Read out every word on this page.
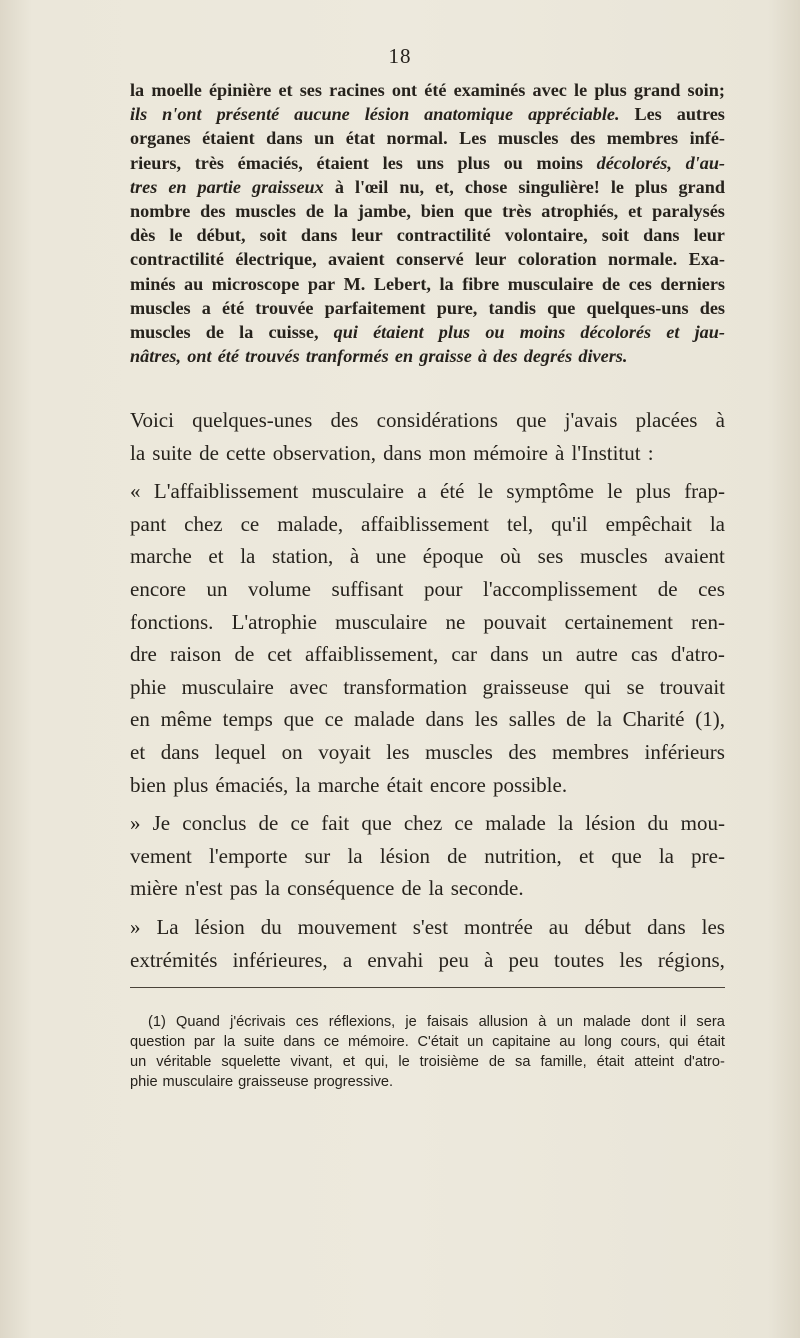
18
la moelle épinière et ses racines ont été examinés avec le plus grand soin;
ils n'ont présenté aucune lésion anatomique appréciable. Les autres
organes étaient dans un état normal. Les muscles des membres infé-
rieurs, très émaciés, étaient les uns plus ou moins décolorés, d'au-
tres en partie graisseux à l'œil nu, et, chose singulière! le plus grand
nombre des muscles de la jambe, bien que très atrophiés, et paralysés
dès le début, soit dans leur contractilité volontaire, soit dans leur
contractilité électrique, avaient conservé leur coloration normale. Exa-
minés au microscope par M. Lebert, la fibre musculaire de ces derniers
muscles a été trouvée parfaitement pure, tandis que quelques-uns des
muscles de la cuisse, qui étaient plus ou moins décolorés et jau-
nâtres, ont été trouvés tranformés en graisse à des degrés divers.
Voici quelques-unes des considérations que j'avais placées à
la suite de cette observation, dans mon mémoire à l'Institut :
« L'affaiblissement musculaire a été le symptôme le plus frap-
pant chez ce malade, affaiblissement tel, qu'il empêchait la
marche et la station, à une époque où ses muscles avaient
encore un volume suffisant pour l'accomplissement de ces
fonctions. L'atrophie musculaire ne pouvait certainement ren-
dre raison de cet affaiblissement, car dans un autre cas d'atro-
phie musculaire avec transformation graisseuse qui se trouvait
en même temps que ce malade dans les salles de la Charité (1),
et dans lequel on voyait les muscles des membres inférieurs
bien plus émaciés, la marche était encore possible.
» Je conclus de ce fait que chez ce malade la lésion du mou-
vement l'emporte sur la lésion de nutrition, et que la pre-
mière n'est pas la conséquence de la seconde.
» La lésion du mouvement s'est montrée au début dans les
extrémités inférieures, a envahi peu à peu toutes les régions,
(1) Quand j'écrivais ces réflexions, je faisais allusion à un malade dont il sera
question par la suite dans ce mémoire. C'était un capitaine au long cours, qui était
un véritable squelette vivant, et qui, le troisième de sa famille, était atteint d'atro-
phie musculaire graisseuse progressive.
